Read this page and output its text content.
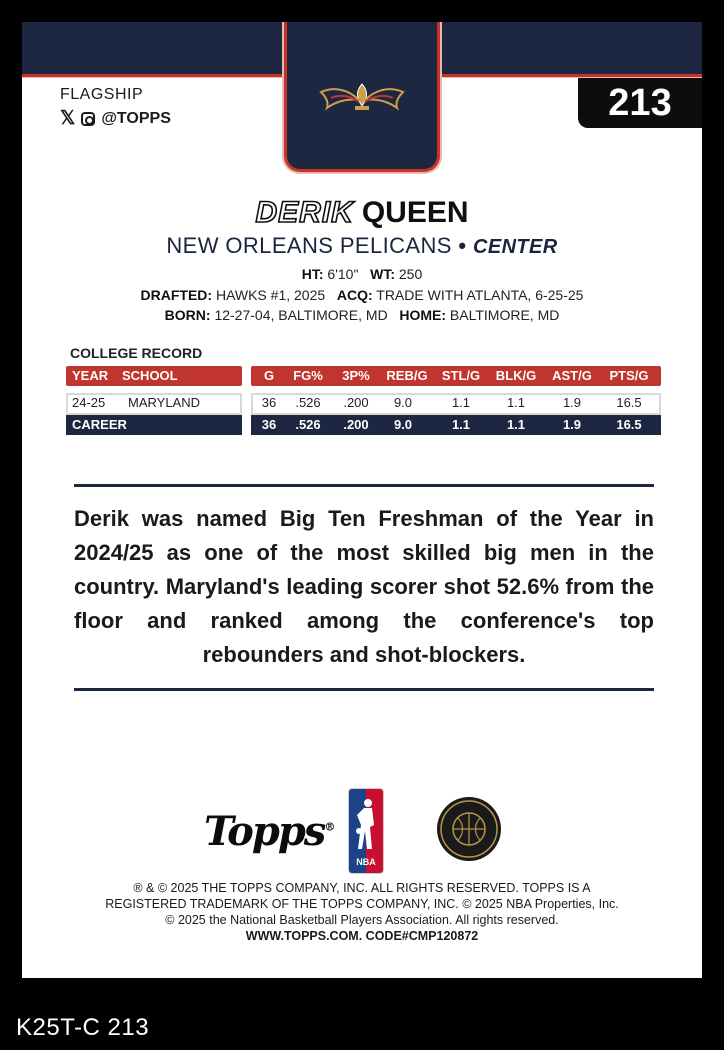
FLAGSHIP
𝕏 @TOPPS	213
DERIK QUEEN
NEW ORLEANS PELICANS • CENTER
HT: 6'10" WT: 250
DRAFTED: HAWKS #1, 2025 ACQ: TRADE WITH ATLANTA, 6-25-25
BORN: 12-27-04, BALTIMORE, MD HOME: BALTIMORE, MD
COLLEGE RECORD
YEAR	SCHOOL	G	FG%	3P%	REB/G	STL/G	BLK/G	AST/G	PTS/G
24-25	MARYLAND	36	.526	.200	9.0	1.1	1.1	1.9	16.5
CAREER	36	.526	.200	9.0	1.1	1.1	1.9	16.5
Derik was named Big Ten Freshman of the Year in 2024/25 as one of the most skilled big men in the country. Maryland's leading scorer shot 52.6% from the floor and ranked among the conference's top rebounders and shot-blockers.
Topps®
NBA
® & © 2025 THE TOPPS COMPANY, INC. ALL RIGHTS RESERVED. TOPPS IS A
REGISTERED TRADEMARK OF THE TOPPS COMPANY, INC. © 2025 NBA Properties, Inc.
© 2025 the National Basketball Players Association. All rights reserved.
WWW.TOPPS.COM. CODE#CMP120872
K25T-C 213
